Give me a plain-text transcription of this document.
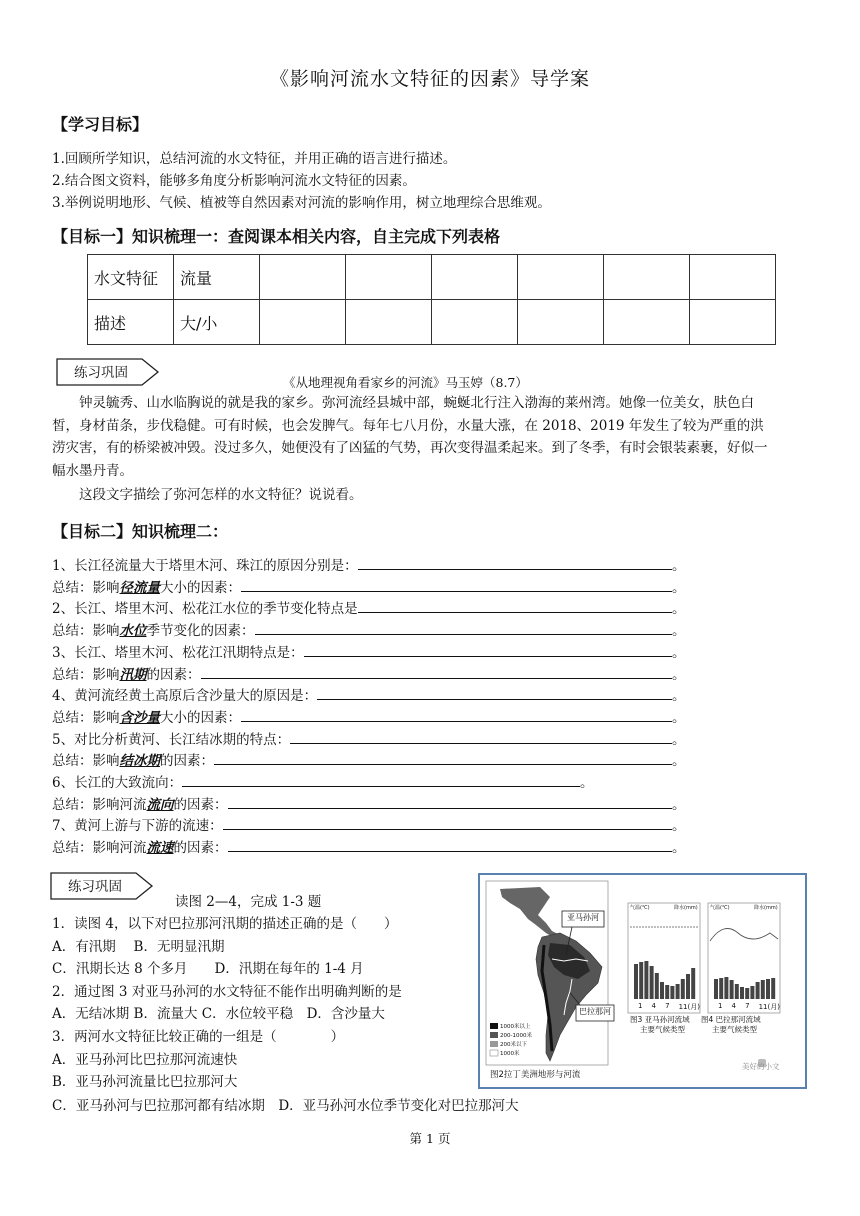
《影响河流水文特征的因素》导学案
【学习目标】
1.回顾所学知识，总结河流的水文特征，并用正确的语言进行描述。
2.结合图文资料，能够多角度分析影响河流水文特征的因素。
3.举例说明地形、气候、植被等自然因素对河流的影响作用，树立地理综合思维观。
【目标一】知识梳理一：查阅课本相关内容，自主完成下列表格
水文特征	流量						
描述	大/小						
练习巩固
《从地理视角看家乡的河流》马玉婷（8.7）
钟灵毓秀、山水临胸说的就是我的家乡。弥河流经县城中部，蜿蜒北行注入渤海的莱州湾。她像一位美女，肤色白皙，身材苗条，步伐稳健。可有时候，也会发脾气。每年七八月份，水量大涨，在 2018、2019 年发生了较为严重的洪涝灾害，有的桥梁被冲毁。没过多久，她便没有了凶猛的气势，再次变得温柔起来。到了冬季，有时会银装素裹，好似一幅水墨丹青。
这段文字描绘了弥河怎样的水文特征？说说看。
【目标二】知识梳理二：
1、长江径流量大于塔里木河、珠江的原因分别是：	。
总结：影响径流量大小的因素：	。
2、长江、塔里木河、松花江水位的季节变化特点是	。
总结：影响水位季节变化的因素：	。
3、长江、塔里木河、松花江汛期特点是：	。
总结：影响汛期的因素：	。
4、黄河流经黄土高原后含沙量大的原因是：	。
总结：影响含沙量大小的因素：	。
5、对比分析黄河、长江结冰期的特点：	。
总结：影响结冰期的因素：	。
6、长江的大致流向：	。
总结：影响河流流向的因素：	。
7、黄河上游与下游的流速：	。
总结：影响河流流速的因素：	。
练习巩固
读图 2—4，完成 1-3 题
1．读图 4，以下对巴拉那河汛期的描述正确的是（　　）
A．有汛期　 B．无明显汛期
C．汛期长达 8 个多月　　D．汛期在每年的 1-4 月
2．通过图 3 对亚马孙河的水文特征不能作出明确判断的是
A．无结冰期 B．流量大 C．水位较平稳　D．含沙量大
3．两河水文特征比较正确的一组是（　　　　）
A．亚马孙河比巴拉那河流速快
B．亚马孙河流量比巴拉那河大
C．亚马孙河与巴拉那河都有结冰期　D．亚马孙河水位季节变化对巴拉那河大
亚马孙河
巴拉那河
1000米以上
200-1000米
200米以下
1000米
图2拉丁美洲地形与河流
气温(℃)	降水(mm) 气温(℃)	降水(mm)
1 4 7 11(月)	1 4 7 11(月)
图3 亚马孙河流域
主要气候类型
图4 巴拉那河流域
主要气候类型
美好的小文
第 1 页
